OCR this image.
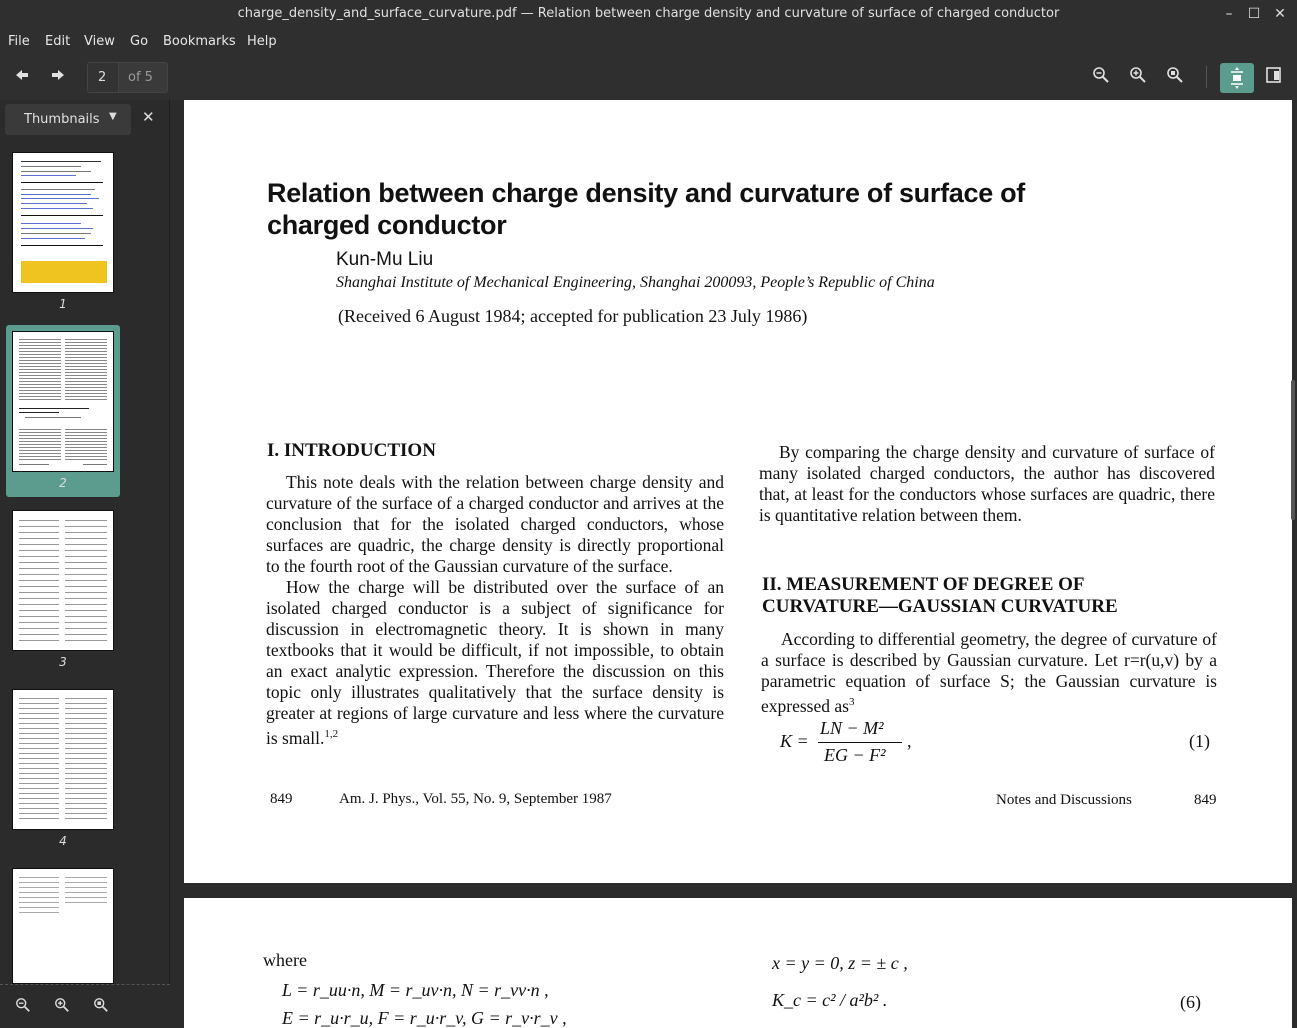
charge_density_and_surface_curvature.pdf — Relation between charge density and curvature of surface of charged conductor	–	☐ ✕
File Edit View Go Bookmarks Help
2
of 5
Thumbnails ▼ ✕
1
2
3
4
Relation between charge density and curvature of surface of charged conductor
Kun-Mu Liu
Shanghai Institute of Mechanical Engineering, Shanghai 200093, People’s Republic of China
(Received 6 August 1984; accepted for publication 23 July 1986)
I. INTRODUCTION

This note deals with the relation between charge density and curvature of the surface of a charged conductor and arrives at the conclusion that for the isolated charged conductors, whose surfaces are quadric, the charge density is directly proportional to the fourth root of the Gaussian curvature of the surface.

How the charge will be distributed over the surface of an isolated charged conductor is a subject of significance for discussion in electromagnetic theory. It is shown in many textbooks that it would be difficult, if not impossible, to obtain an exact analytic expression. Therefore the discussion on this topic only illustrates qualitatively that the surface density is greater at regions of large curvature and less where the curvature is small.$^{1,2}$

By comparing the charge density and curvature of surface of many isolated charged conductors, the author has discovered that, at least for the conductors whose surfaces are quadric, there is quantitative relation between them.

II. MEASUREMENT OF DEGREE OF
CURVATURE—GAUSSIAN CURVATURE

According to differential geometry, the degree of curvature of a surface is described by Gaussian curvature. Let r=r(u,v) by a parametric equation of surface S; the Gaussian curvature is expressed $as^3$

K =
LN − M²
EG − F²
,	(1)
849	Am. J. Phys., Vol. 55, No. 9, September 1987	Notes and Discussions	849
where
L = r_uu·n, M = r_uv·n, N = r_vv·n ,
E = r_u·r_u, F = r_u·r_v, G = r_v·r_v ,
x = y = 0, z = ± c ,
K_c = c² / a²b² .	(6)
